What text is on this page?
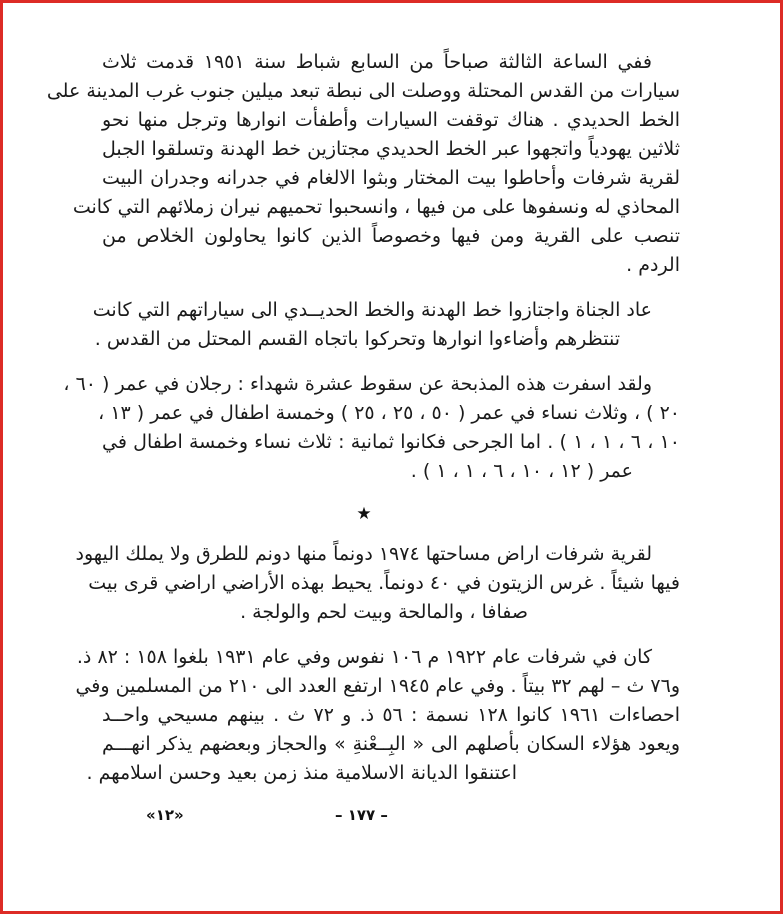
ففي الساعة الثالثة صباحاً من السابع شباط سنة ١٩٥١ قدمت ثلاث
سيارات من القدس المحتلة ووصلت الى نبطة تبعد ميلين جنوب غرب المدينة على
الخط الحديدي . هناك توقفت السيارات وأطفأت انوارها وترجل منها نحو
ثلاثين يهودياً واتجهوا عبر الخط الحديدي مجتازين خط الهدنة وتسلقوا الجبل
لقرية شرفات وأحاطوا بيت المختار وبثوا الالغام في جدرانه وجدران البيت
المحاذي له ونسفوها على من فيها ، وانسحبوا تحميهم نيران زملائهم التي كانت
تنصب على القرية ومن فيها وخصوصاً الذين كانوا يحاولون الخلاص من
الردم .
عاد الجناة واجتازوا خط الهدنة والخط الحديــدي الى سياراتهم التي كانت
تنتظرهم وأضاءوا انوارها وتحركوا باتجاه القسم المحتل من القدس .
ولقد اسفرت هذه المذبحة عن سقوط عشرة شهداء : رجلان في عمر ( ٦٠ ،
٢٠ ) ، وثلاث نساء في عمر ( ٥٠ ، ٢٥ ، ٢٥ ) وخمسة اطفال في عمر ( ١٣ ،
١٠ ، ٦ ، ١ ، ١ ) . اما الجرحى فكانوا ثمانية : ثلاث نساء وخمسة اطفال في
عمر ( ١٢ ، ١٠ ، ٦ ، ١ ، ١ ) .
★
لقرية شرفات اراض مساحتها ١٩٧٤ دونماً منها دونم للطرق ولا يملك اليهود
فيها شيئاً . غرس الزيتون في ٤٠ دونماً. يحيط بهذه الأراضي اراضي قرى بيت
صفافا ، والمالحة وبيت لحم والولجة .
كان في شرفات عام ١٩٢٢ م ١٠٦ نفوس وفي عام ١٩٣١ بلغوا ١٥٨ : ٨٢ ذ.
و٧٦ ث – لهم ٣٢ بيتاً . وفي عام ١٩٤٥ ارتفع العدد الى ٢١٠ من المسلمين وفي
احصاءات ١٩٦١ كانوا ١٢٨ نسمة : ٥٦ ذ. و ٧٢ ث . بينهم مسيحي واحــد
ويعود هؤلاء السكان بأصلهم الى « البِــعْنةِ » والحجاز وبعضهم يذكر انهـــم
اعتنقوا الديانة الاسلامية منذ زمن بعيد وحسن اسلامهم .
«١٢»	– ١٧٧ –
